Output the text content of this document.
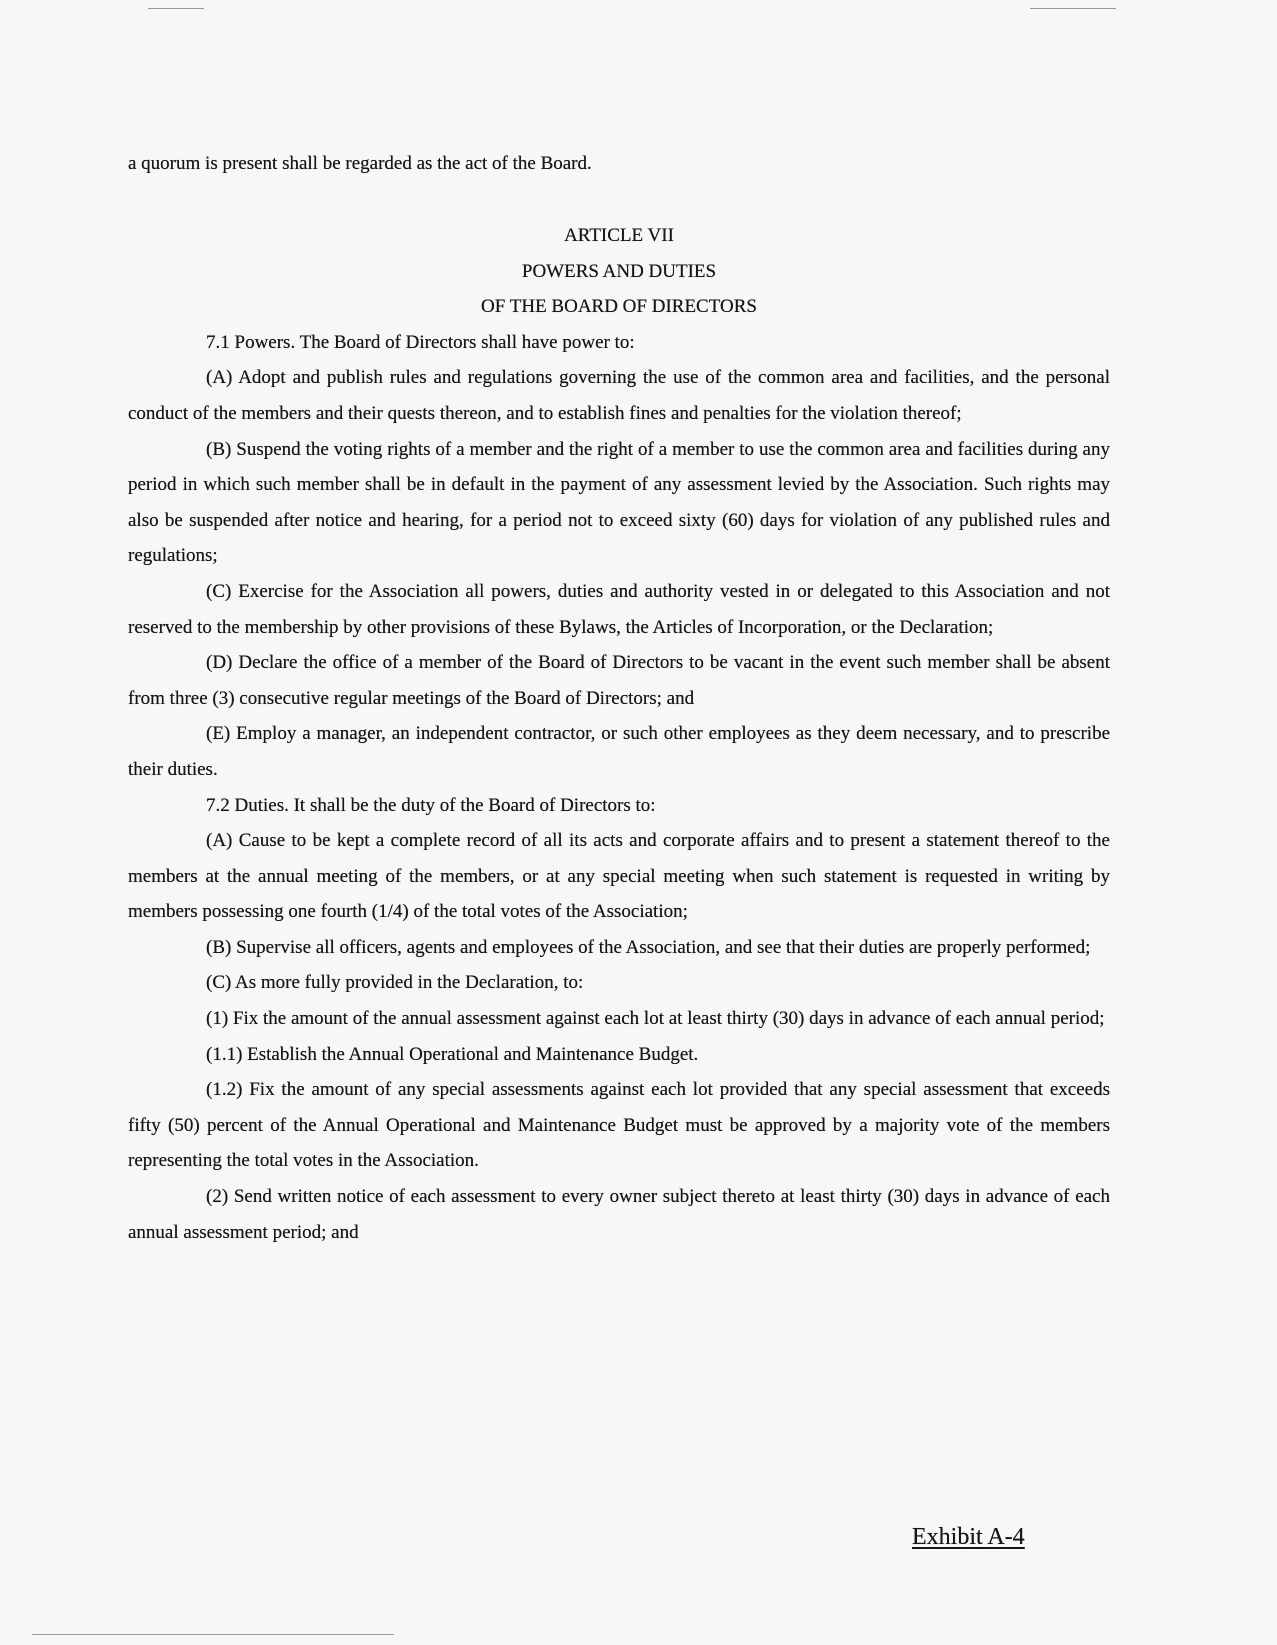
a quorum is present shall be regarded as the act of the Board.

ARTICLE VII

POWERS AND DUTIES

OF THE BOARD OF DIRECTORS

7.1 Powers. The Board of Directors shall have power to:

(A) Adopt and publish rules and regulations governing the use of the common area and facilities, and the personal conduct of the members and their quests thereon, and to establish fines and penalties for the violation thereof;

(B) Suspend the voting rights of a member and the right of a member to use the common area and facilities during any period in which such member shall be in default in the payment of any assessment levied by the Association. Such rights may also be suspended after notice and hearing, for a period not to exceed sixty (60) days for violation of any published rules and regulations;

(C) Exercise for the Association all powers, duties and authority vested in or delegated to this Association and not reserved to the membership by other provisions of these Bylaws, the Articles of Incorporation, or the Declaration;

(D) Declare the office of a member of the Board of Directors to be vacant in the event such member shall be absent from three (3) consecutive regular meetings of the Board of Directors; and

(E) Employ a manager, an independent contractor, or such other employees as they deem necessary, and to prescribe their duties.

7.2 Duties. It shall be the duty of the Board of Directors to:

(A) Cause to be kept a complete record of all its acts and corporate affairs and to present a statement thereof to the members at the annual meeting of the members, or at any special meeting when such statement is requested in writing by members possessing one fourth (1/4) of the total votes of the Association;

(B) Supervise all officers, agents and employees of the Association, and see that their duties are properly performed;

(C) As more fully provided in the Declaration, to:

(1) Fix the amount of the annual assessment against each lot at least thirty (30) days in advance of each annual period;

(1.1) Establish the Annual Operational and Maintenance Budget.

(1.2) Fix the amount of any special assessments against each lot provided that any special assessment that exceeds fifty (50) percent of the Annual Operational and Maintenance Budget must be approved by a majority vote of the members representing the total votes in the Association.

(2) Send written notice of each assessment to every owner subject thereto at least thirty (30) days in advance of each annual assessment period; and

Exhibit A-4
